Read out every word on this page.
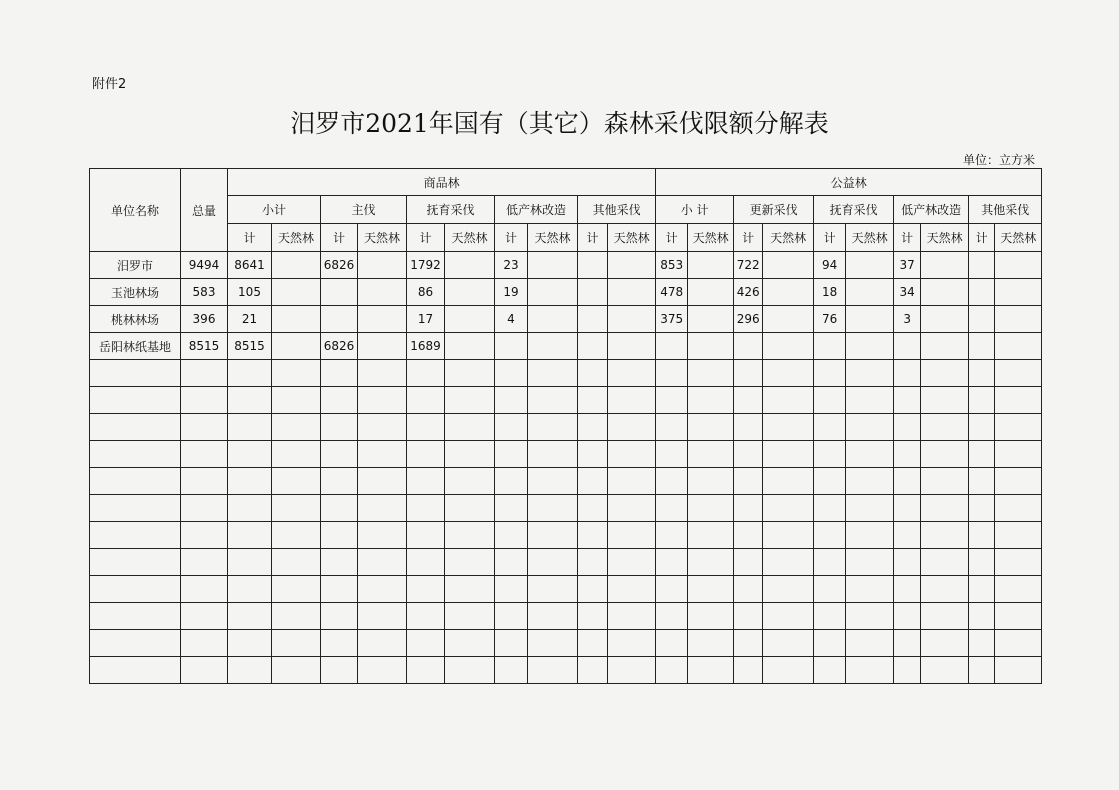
附件2
汨罗市2021年国有（其它）森林采伐限额分解表
单位：立方米
单位名称	总量	商品林										公益林									
		小计		主伐		抚育采伐		低产林改造		其他采伐		小 计		更新采伐		抚育采伐		低产林改造		其他采伐	
		计	天然林	计	天然林	计	天然林	计	天然林	计	天然林	计	天然林	计	天然林	计	天然林	计	天然林	计	天然林
汨罗市	9494	8641		6826		1792		23				853		722		94		37			
玉池林场	583	105				86		19				478		426		18		34			
桃林林场	396	21				17		4				375		296		76		3			
岳阳林纸基地	8515	8515		6826		1689															
